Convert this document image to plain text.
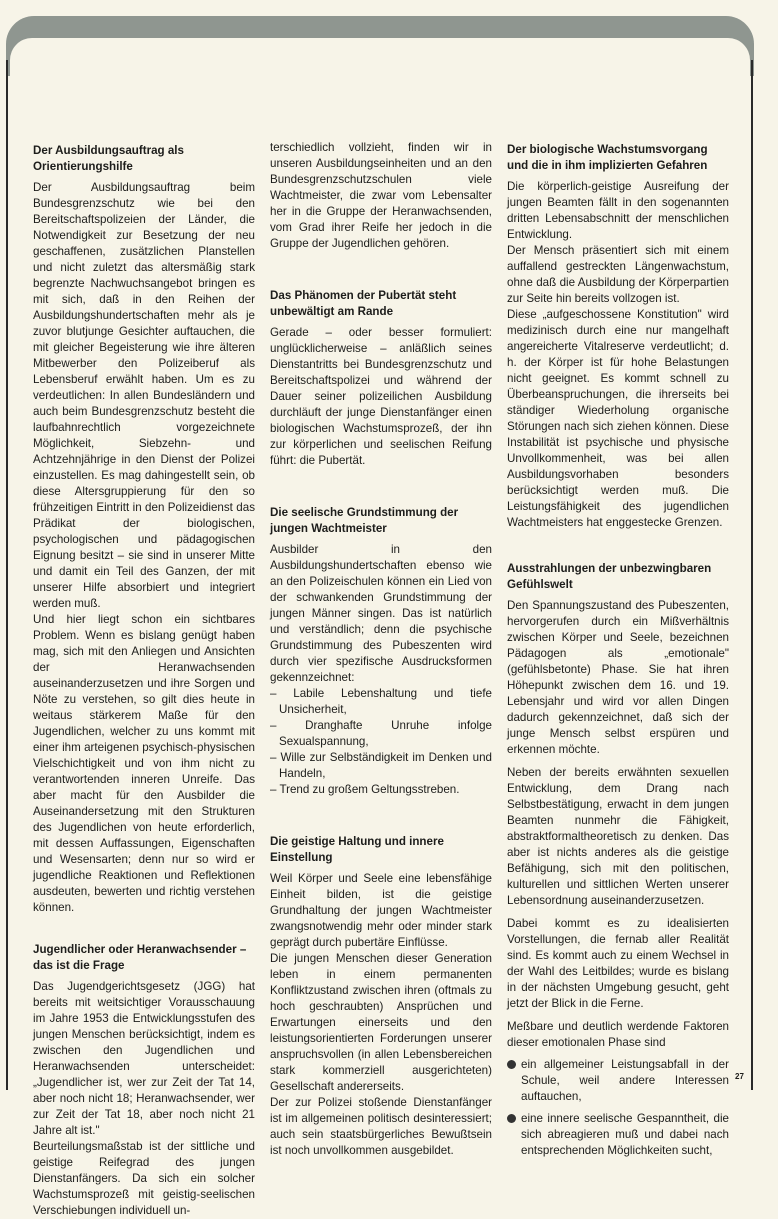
Der Ausbildungsauftrag als Orientierungshilfe

Der Ausbildungsauftrag beim Bundesgrenzschutz wie bei den Bereitschaftspolizeien der Länder, die Notwendigkeit zur Besetzung der neu geschaffenen, zusätzlichen Planstellen und nicht zuletzt das altersmäßig stark begrenzte Nachwuchsangebot bringen es mit sich, daß in den Reihen der Ausbildungshundertschaften mehr als je zuvor blutjunge Gesichter auftauchen, die mit gleicher Begeisterung wie ihre älteren Mitbewerber den Polizeiberuf als Lebensberuf erwählt haben. Um es zu verdeutlichen: In allen Bundesländern und auch beim Bundesgrenzschutz besteht die laufbahnrechtlich vorgezeichnete Möglichkeit, Siebzehn- und Achtzehnjährige in den Dienst der Polizei einzustellen. Es mag dahingestellt sein, ob diese Altersgruppierung für den so frühzeitigen Eintritt in den Polizeidienst das Prädikat der biologischen, psychologischen und pädagogischen Eignung besitzt – sie sind in unserer Mitte und damit ein Teil des Ganzen, der mit unserer Hilfe absorbiert und integriert werden muß.

Und hier liegt schon ein sichtbares Problem. Wenn es bislang genügt haben mag, sich mit den Anliegen und Ansichten der Heranwachsenden auseinanderzusetzen und ihre Sorgen und Nöte zu verstehen, so gilt dies heute in weitaus stärkerem Maße für den Jugendlichen, welcher zu uns kommt mit einer ihm arteigenen psychisch-physischen Vielschichtigkeit und von ihm nicht zu verantwortenden inneren Unreife. Das aber macht für den Ausbilder die Auseinandersetzung mit den Strukturen des Jugendlichen von heute erforderlich, mit dessen Auffassungen, Eigenschaften und Wesensarten; denn nur so wird er jugendliche Reaktionen und Reflektionen ausdeuten, bewerten und richtig verstehen können.

Jugendlicher oder Heranwachsender – das ist die Frage

Das Jugendgerichtsgesetz (JGG) hat bereits mit weitsichtiger Vorausschauung im Jahre 1953 die Entwicklungsstufen des jungen Menschen berücksichtigt, indem es zwischen den Jugendlichen und Heranwachsenden unterscheidet: „Jugendlicher ist, wer zur Zeit der Tat 14, aber noch nicht 18; Heranwachsender, wer zur Zeit der Tat 18, aber noch nicht 21 Jahre alt ist."

Beurteilungsmaßstab ist der sittliche und geistige Reifegrad des jungen Dienstanfängers. Da sich ein solcher Wachstumsprozeß mit geistig-seelischen Verschiebungen individuell un-

terschiedlich vollzieht, finden wir in unseren Ausbildungseinheiten und an den Bundesgrenzschutzschulen viele Wachtmeister, die zwar vom Lebensalter her in die Gruppe der Heranwachsenden, vom Grad ihrer Reife her jedoch in die Gruppe der Jugendlichen gehören.

Das Phänomen der Pubertät steht unbewältigt am Rande

Gerade – oder besser formuliert: unglücklicherweise – anläßlich seines Dienstantritts bei Bundesgrenzschutz und Bereitschaftspolizei und während der Dauer seiner polizeilichen Ausbildung durchläuft der junge Dienstanfänger einen biologischen Wachstumsprozeß, der ihn zur körperlichen und seelischen Reifung führt: die Pubertät.

Die seelische Grundstimmung der jungen Wachtmeister

Ausbilder in den Ausbildungshundertschaften ebenso wie an den Polizeischulen können ein Lied von der schwankenden Grundstimmung der jungen Männer singen. Das ist natürlich und verständlich; denn die psychische Grundstimmung des Pubeszenten wird durch vier spezifische Ausdrucksformen gekennzeichnet:

– Labile Lebenshaltung und tiefe Unsicherheit,
– Dranghafte Unruhe infolge Sexualspannung,
– Wille zur Selbständigkeit im Denken und Handeln,
– Trend zu großem Geltungsstreben.
Die geistige Haltung und innere Einstellung

Weil Körper und Seele eine lebensfähige Einheit bilden, ist die geistige Grundhaltung der jungen Wachtmeister zwangsnotwendig mehr oder minder stark geprägt durch pubertäre Einflüsse.

Die jungen Menschen dieser Generation leben in einem permanenten Konfliktzustand zwischen ihren (oftmals zu hoch geschraubten) Ansprüchen und Erwartungen einerseits und den leistungsorientierten Forderungen unserer anspruchsvollen (in allen Lebensbereichen stark kommerziell ausgerichteten) Gesellschaft andererseits.

Der zur Polizei stoßende Dienstanfänger ist im allgemeinen politisch desinteressiert; auch sein staatsbürgerliches Bewußtsein ist noch unvollkommen ausgebildet.

Der biologische Wachstumsvorgang und die in ihm implizierten Gefahren

Die körperlich-geistige Ausreifung der jungen Beamten fällt in den sogenannten dritten Lebensabschnitt der menschlichen Entwicklung.

Der Mensch präsentiert sich mit einem auffallend gestreckten Längenwachstum, ohne daß die Ausbildung der Körperpartien zur Seite hin bereits vollzogen ist.

Diese „aufgeschossene Konstitution" wird medizinisch durch eine nur mangelhaft angereicherte Vitalreserve verdeutlicht; d. h. der Körper ist für hohe Belastungen nicht geeignet. Es kommt schnell zu Überbeanspruchungen, die ihrerseits bei ständiger Wiederholung organische Störungen nach sich ziehen können. Diese Instabilität ist psychische und physische Unvollkommenheit, was bei allen Ausbildungsvorhaben besonders berücksichtigt werden muß. Die Leistungsfähigkeit des jugendlichen Wachtmeisters hat enggestecke Grenzen.

Ausstrahlungen der unbezwingbaren Gefühlswelt

Den Spannungszustand des Pubeszenten, hervorgerufen durch ein Mißverhältnis zwischen Körper und Seele, bezeichnen Pädagogen als „emotionale" (gefühlsbetonte) Phase. Sie hat ihren Höhepunkt zwischen dem 16. und 19. Lebensjahr und wird vor allen Dingen dadurch gekennzeichnet, daß sich der junge Mensch selbst erspüren und erkennen möchte.

Neben der bereits erwähnten sexuellen Entwicklung, dem Drang nach Selbstbestätigung, erwacht in dem jungen Beamten nunmehr die Fähigkeit, abstraktformaltheoretisch zu denken. Das aber ist nichts anderes als die geistige Befähigung, sich mit den politischen, kulturellen und sittlichen Werten unserer Lebensordnung auseinanderzusetzen.

Dabei kommt es zu idealisierten Vorstellungen, die fernab aller Realität sind. Es kommt auch zu einem Wechsel in der Wahl des Leitbildes; wurde es bislang in der nächsten Umgebung gesucht, geht jetzt der Blick in die Ferne.

Meßbare und deutlich werdende Faktoren dieser emotionalen Phase sind

ein allgemeiner Leistungsabfall in der Schule, weil andere Interessen auftauchen,
eine innere seelische Gespanntheit, die sich abreagieren muß und dabei nach entsprechenden Möglichkeiten sucht,
27
